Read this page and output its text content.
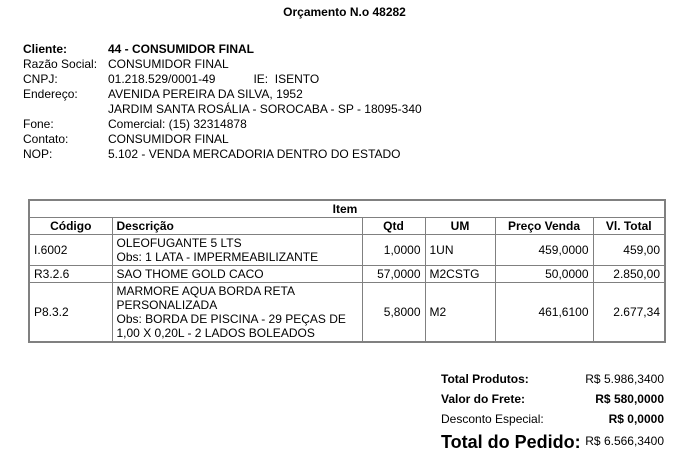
Orçamento N.o 48282
Cliente:	44 - CONSUMIDOR FINAL
Razão Social: CONSUMIDOR FINAL
CNPJ:	01.218.529/0001-49	IE: ISENTO
Endereço:	AVENIDA PEREIRA DA SILVA, 1952
JARDIM SANTA ROSÁLIA - SOROCABA - SP - 18095-340
Fone:	Comercial: (15) 32314878
Contato:	CONSUMIDOR FINAL
NOP:	5.102 - VENDA MERCADORIA DENTRO DO ESTADO
Item					
Código	Descrição	Qtd	UM	Preço Venda	Vl. Total
I.6002	OLEOFUGANTE 5 LTS
Obs: 1 LATA - IMPERMEABILIZANTE	1,0000	1UN	459,0000	459,00
R3.2.6	SAO THOME GOLD CACO	57,0000	M2CSTG	50,0000	2.850,00
P8.3.2	MARMORE AQUA BORDA RETA
PERSONALIZADA
Obs: BORDA DE PISCINA - 29 PEÇAS DE
1,00 X 0,20L - 2 LADOS BOLEADOS	5,8000	M2	461,6100	2.677,34
Total Produtos:	R$ 5.986,3400
Valor do Frete:	R$ 580,0000
Desconto Especial:	R$ 0,0000
Total do Pedido: R$ 6.566,3400
